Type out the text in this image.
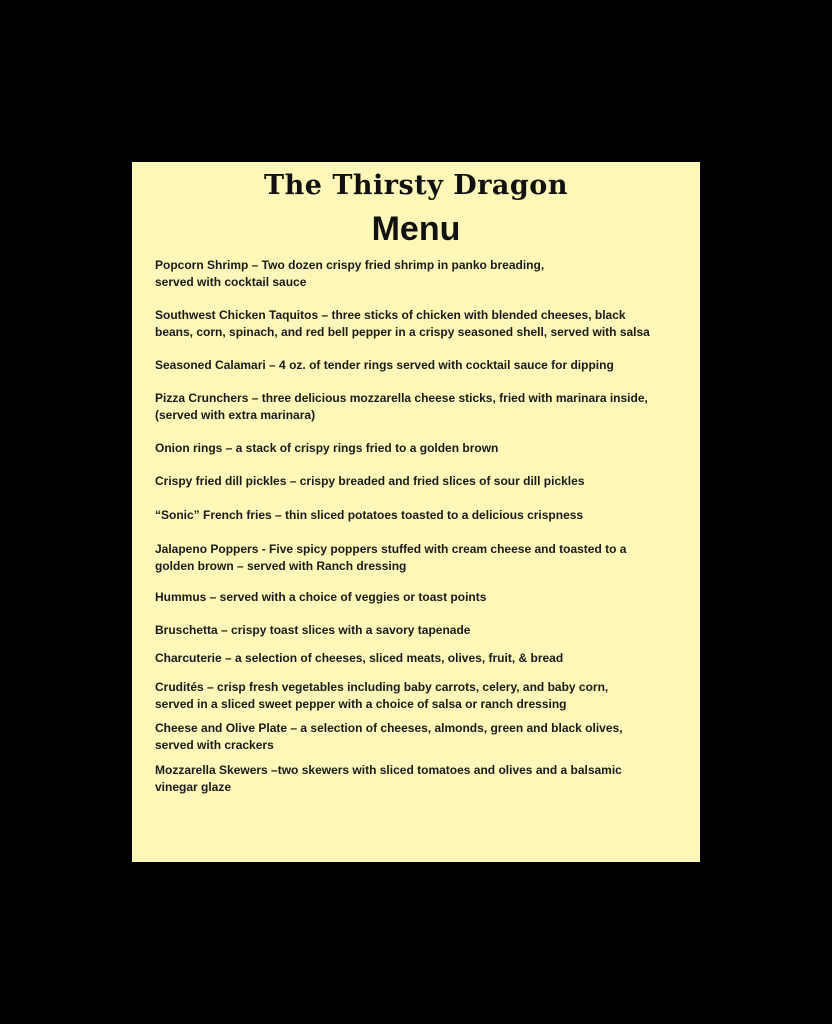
The Thirsty Dragon
Menu
Popcorn Shrimp – Two dozen crispy fried shrimp in panko breading,
served with cocktail sauce
Southwest Chicken Taquitos – three sticks of chicken with blended cheeses, black
beans, corn, spinach, and red bell pepper in a crispy seasoned shell, served with salsa
Seasoned Calamari – 4 oz. of tender rings served with cocktail sauce for dipping
Pizza Crunchers – three delicious mozzarella cheese sticks, fried with marinara inside,
(served with extra marinara)
Onion rings – a stack of crispy rings fried to a golden brown
Crispy fried dill pickles – crispy breaded and fried slices of sour dill pickles
“Sonic” French fries – thin sliced potatoes toasted to a delicious crispness
Jalapeno Poppers - Five spicy poppers stuffed with cream cheese and toasted to a
golden brown – served with Ranch dressing
Hummus – served with a choice of veggies or toast points
Bruschetta – crispy toast slices with a savory tapenade
Charcuterie – a selection of cheeses, sliced meats, olives, fruit, & bread
Crudités – crisp fresh vegetables including baby carrots, celery, and baby corn,
served in a sliced sweet pepper with a choice of salsa or ranch dressing
Cheese and Olive Plate – a selection of cheeses, almonds, green and black olives,
served with crackers
Mozzarella Skewers –two skewers with sliced tomatoes and olives and a balsamic
vinegar glaze
